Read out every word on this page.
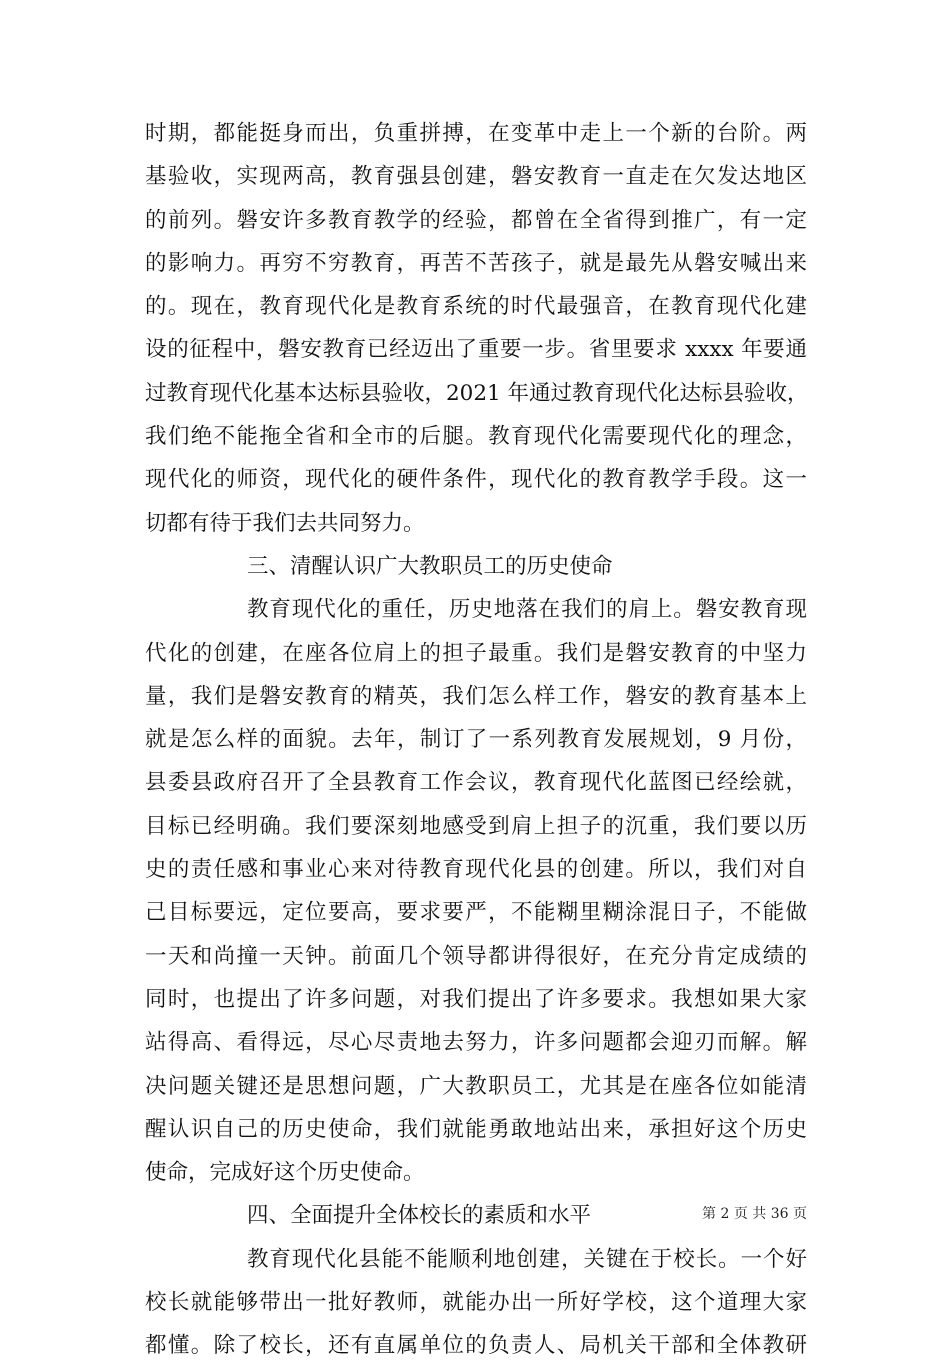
时期，都能挺身而出，负重拼搏，在变革中走上一个新的台阶。两
基验收，实现两高，教育强县创建，磐安教育一直走在欠发达地区
的前列。磐安许多教育教学的经验，都曾在全省得到推广，有一定
的影响力。再穷不穷教育，再苦不苦孩子，就是最先从磐安喊出来
的。现在，教育现代化是教育系统的时代最强音，在教育现代化建
设的征程中，磐安教育已经迈出了重要一步。省里要求 xxxx 年要通
过教育现代化基本达标县验收，2021 年通过教育现代化达标县验收，
我们绝不能拖全省和全市的后腿。教育现代化需要现代化的理念，
现代化的师资，现代化的硬件条件，现代化的教育教学手段。这一
切都有待于我们去共同努力。
三、清醒认识广大教职员工的历史使命
教育现代化的重任，历史地落在我们的肩上。磐安教育现
代化的创建，在座各位肩上的担子最重。我们是磐安教育的中坚力
量，我们是磐安教育的精英，我们怎么样工作，磐安的教育基本上
就是怎么样的面貌。去年，制订了一系列教育发展规划，9 月份，
县委县政府召开了全县教育工作会议，教育现代化蓝图已经绘就，
目标已经明确。我们要深刻地感受到肩上担子的沉重，我们要以历
史的责任感和事业心来对待教育现代化县的创建。所以，我们对自
己目标要远，定位要高，要求要严，不能糊里糊涂混日子，不能做
一天和尚撞一天钟。前面几个领导都讲得很好，在充分肯定成绩的
同时，也提出了许多问题，对我们提出了许多要求。我想如果大家
站得高、看得远，尽心尽责地去努力，许多问题都会迎刃而解。解
决问题关键还是思想问题，广大教职员工，尤其是在座各位如能清
醒认识自己的历史使命，我们就能勇敢地站出来，承担好这个历史
使命，完成好这个历史使命。
四、全面提升全体校长的素质和水平
教育现代化县能不能顺利地创建，关键在于校长。一个好
校长就能够带出一批好教师，就能办出一所好学校，这个道理大家
都懂。除了校长，还有直属单位的负责人、局机关干部和全体教研
第 2 页 共 36 页
